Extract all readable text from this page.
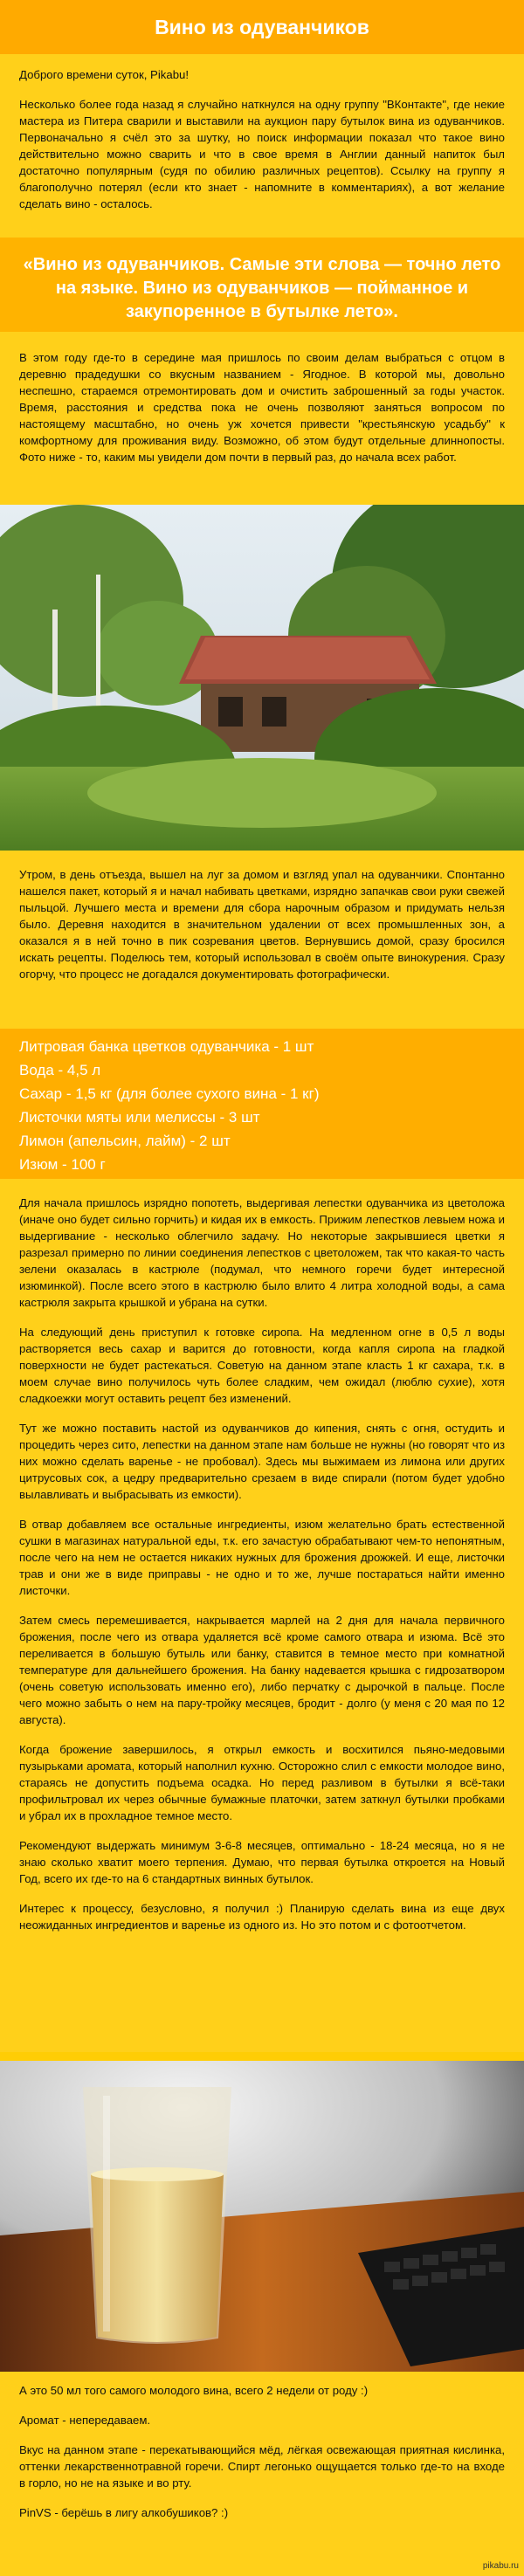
Вино из одуванчиков

Доброго времени суток, Pikabu!

Несколько более года назад я случайно наткнулся на одну группу "ВКонтакте", где некие мастера из Питера сварили и выставили на аукцион пару бутылок вина из одуванчиков. Первоначально я счёл это за шутку, но поиск информации показал что такое вино действительно можно сварить и что в свое время в Англии данный напиток был достаточно популярным (судя по обилию различных рецептов). Ссылку на группу я благополучно потерял (если кто знает - напомните в комментариях), а вот желание сделать вино - осталось.

«Вино из одуванчиков. Самые эти слова — точно лето на языке. Вино из одуванчиков — пойманное и закупоренное в бутылке лето».

В этом году где-то в середине мая пришлось по своим делам выбраться с отцом в деревню прадедушки со вкусным названием - Ягодное. В которой мы, довольно неспешно, стараемся отремонтировать дом и очистить заброшенный за годы участок. Время, расстояния и средства пока не очень позволяют заняться вопросом по настоящему масштабно, но очень уж хочется привести "крестьянскую усадьбу" к комфортному для проживания виду. Возможно, об этом будут отдельные длиннопосты. Фото ниже - то, каким мы увидели дом почти в первый раз, до начала всех работ.

Утром, в день отъезда, вышел на луг за домом и взгляд упал на одуванчики. Спонтанно нашелся пакет, который я и начал набивать цветками, изрядно запачкав свои руки свежей пыльцой. Лучшего места и времени для сбора нарочным образом и придумать нельзя было. Деревня находится в значительном удалении от всех промышленных зон, а оказался я в ней точно в пик созревания цветов. Вернувшись домой, сразу бросился искать рецепты. Поделюсь тем, который использовал в своём опыте винокурения. Сразу огорчу, что процесс не догадался документировать фотографически.

Литровая банка цветков одуванчика - 1 шт
Вода - 4,5 л
Сахар - 1,5 кг (для более сухого вина - 1 кг)
Листочки мяты или мелиссы - 3 шт
Лимон (апельсин, лайм) - 2 шт
Изюм - 100 г

Для начала пришлось изрядно попотеть, выдергивая лепестки одуванчика из цветоложа (иначе оно будет сильно горчить) и кидая их в емкость. Прижим лепестков левыем ножа и выдергивание - несколько облегчило задачу. Но некоторые закрывшиеся цветки я разрезал примерно по линии соединения лепестков с цветоложем, так что какая-то часть зелени оказалась в кастрюле (подумал, что немного горечи будет интересной изюминкой). После всего этого в кастрюлю было влито 4 литра холодной воды, а сама кастрюля закрыта крышкой и убрана на сутки.

На следующий день приступил к готовке сиропа. На медленном огне в 0,5 л воды растворяется весь сахар и варится до готовности, когда капля сиропа на гладкой поверхности не будет растекаться. Советую на данном этапе класть 1 кг сахара, т.к. в моем случае вино получилось чуть более сладким, чем ожидал (люблю сухие), хотя сладкоежки могут оставить рецепт без изменений.

Тут же можно поставить настой из одуванчиков до кипения, снять с огня, остудить и процедить через сито, лепестки на данном этапе нам больше не нужны (но говорят что из них можно сделать варенье - не пробовал). Здесь мы выжимаем из лимона или других цитрусовых сок, а цедру предварительно срезаем в виде спирали (потом будет удобно вылавливать и выбрасывать из емкости).

В отвар добавляем все остальные ингредиенты, изюм желательно брать естественной сушки в магазинах натуральной еды, т.к. его зачастую обрабатывают чем-то непонятным, после чего на нем не остается никаких нужных для брожения дрожжей. И еще, листочки трав и они же в виде приправы - не одно и то же, лучше постараться найти именно листочки.

Затем смесь перемешивается, накрывается марлей на 2 дня для начала первичного брожения, после чего из отвара удаляется всё кроме самого отвара и изюма. Всё это переливается в большую бутыль или банку, ставится в темное место при комнатной температуре для дальнейшего брожения. На банку надевается крышка с гидрозатвором (очень советую использовать именно его), либо перчатку с дырочкой в пальце. После чего можно забыть о нем на пару-тройку месяцев, бродит - долго (у меня с 20 мая по 12 августа).

Когда брожение завершилось, я открыл емкость и восхитился пьяно-медовыми пузырьками аромата, который наполнил кухню. Осторожно слил с емкости молодое вино, стараясь не допустить подъема осадка. Но перед разливом в бутылки я всё-таки профильтровал их через обычные бумажные платочки, затем заткнул бутылки пробками и убрал их в прохладное темное место.

Рекомендуют выдержать минимум 3-6-8 месяцев, оптимально - 18-24 месяца, но я не знаю сколько хватит моего терпения. Думаю, что первая бутылка откроется на Новый Год, всего их где-то на 6 стандартных винных бутылок.

Интерес к процессу, безусловно, я получил :) Планирую сделать вина из еще двух неожиданных ингредиентов и варенье из одного из. Но это потом и с фотоотчетом.

А это 50 мл того самого молодого вина, всего 2 недели от роду :)

Аромат - непередаваем.

Вкус на данном этапе - перекатывающийся мёд, лёгкая освежающая приятная кислинка, оттенки лекарственнотравной горечи. Спирт легонько ощущается только где-то на входе в горло, но не на языке и во рту.

PinVS - берёшь в лигу алкобушиков? :)

pikabu.ru
